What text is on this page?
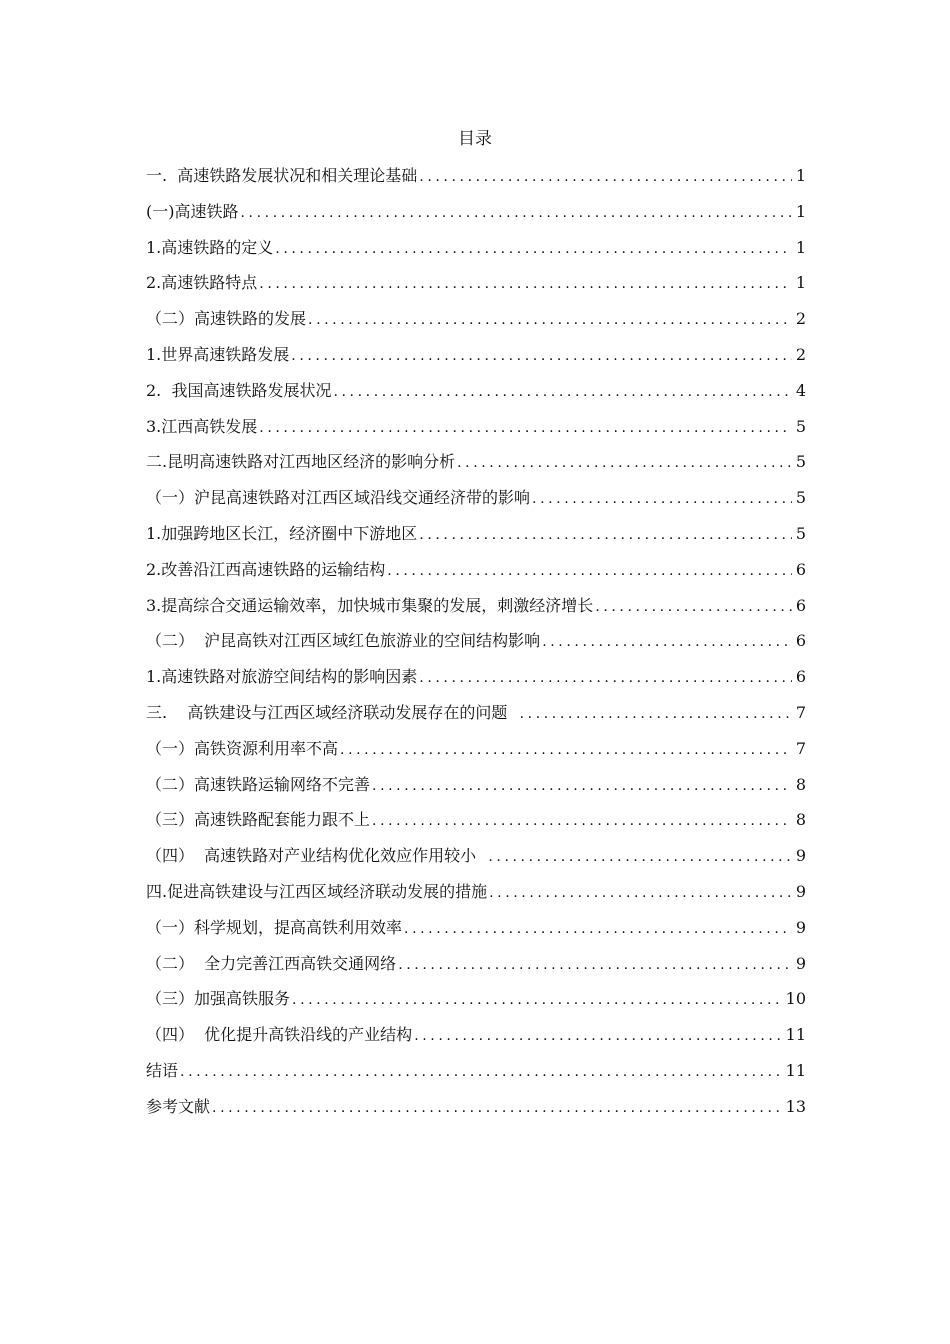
目录
一.  高速铁路发展状况和相关理论基础 .....	1
(一)高速铁路 .....	1
1.高速铁路的定义 .....	1
2.高速铁路特点 .....	1
（二）高速铁路的发展 .....	2
1.世界高速铁路发展 .....	2
2.  我国高速铁路发展状况 .....	4
3.江西高铁发展 .....	5
二.昆明高速铁路对江西地区经济的影响分析 .....	5
（一）沪昆高速铁路对江西区域沿线交通经济带的影响 .....	5
1.加强跨地区长江，经济圈中下游地区 .....	5
2.改善沿江西高速铁路的运输结构 .....	6
3.提高综合交通运输效率，加快城市集聚的发展，刺激经济增长 .....	6
（二）  沪昆高铁对江西区域红色旅游业的空间结构影响 .....	6
1.高速铁路对旅游空间结构的影响因素 .....	6
三.    高铁建设与江西区域经济联动发展存在的问题 .....	7
（一）高铁资源利用率不高 .....	7
（二）高速铁路运输网络不完善 .....	8
（三）高速铁路配套能力跟不上 .....	8
（四）  高速铁路对产业结构优化效应作用较小 .....	9
四.促进高铁建设与江西区域经济联动发展的措施 .....	9
（一）科学规划，提高高铁利用效率 .....	9
（二）  全力完善江西高铁交通网络 .....	9
（三）加强高铁服务 .....	10
（四）  优化提升高铁沿线的产业结构 .....	11
结语 .....	11
参考文献 .....	13
